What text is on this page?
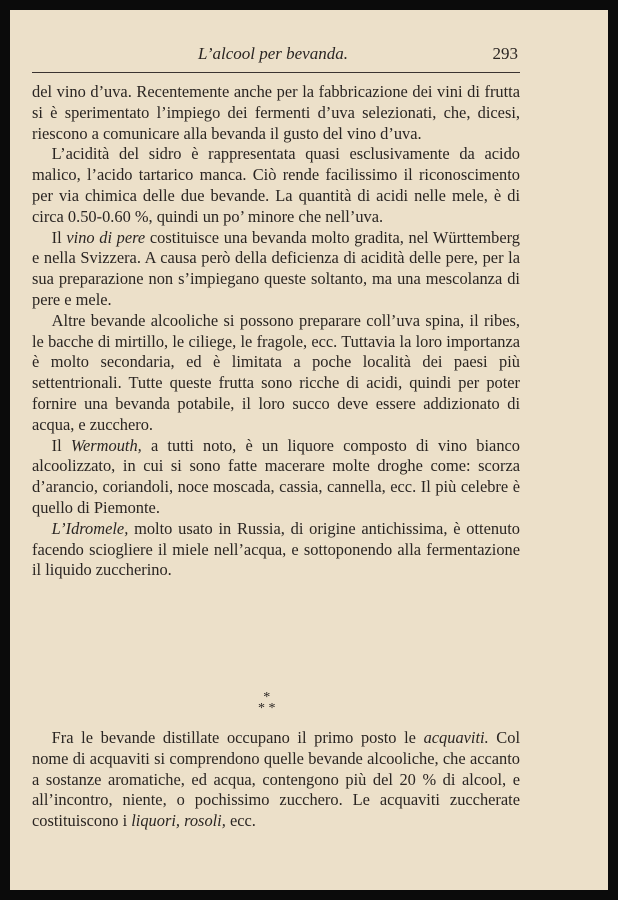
L’alcool per bevanda.	293

del vino d’uva. Recentemente anche per la fabbricazione dei vini di frutta si è sperimentato l’impiego dei fermenti d’uva selezionati, che, dicesi, riescono a comunicare alla bevanda il gusto del vino d’uva.

L’acidità del sidro è rappresentata quasi esclusivamente da acido malico, l’acido tartarico manca. Ciò rende facilissimo il riconoscimento per via chimica delle due bevande. La quantità di acidi nelle mele, è di circa 0.50-0.60 %, quindi un po’ minore che nell’uva.

Il vino di pere costituisce una bevanda molto gradita, nel Württemberg e nella Svizzera. A causa però della deficienza di acidità delle pere, per la sua preparazione non s’impiegano queste soltanto, ma una mescolanza di pere e mele.

Altre bevande alcooliche si possono preparare coll’uva spina, il ribes, le bacche di mirtillo, le ciliege, le fragole, ecc. Tuttavia la loro importanza è molto secondaria, ed è limitata a poche località dei paesi più settentrionali. Tutte queste frutta sono ricche di acidi, quindi per poter fornire una bevanda potabile, il loro succo deve essere addizionato di acqua, e zucchero.

Il Wermouth, a tutti noto, è un liquore composto di vino bianco alcoolizzato, in cui si sono fatte macerare molte droghe come: scorza d’arancio, coriandoli, noce moscada, cassia, cannella, ecc. Il più celebre è quello di Piemonte.

L’Idromele, molto usato in Russia, di origine antichissima, è ottenuto facendo sciogliere il miele nell’acqua, e sottoponendo alla fermentazione il liquido zuccherino.

*
* *

Fra le bevande distillate occupano il primo posto le acquaviti. Col nome di acquaviti si comprendono quelle bevande alcooliche, che accanto a sostanze aromatiche, ed acqua, contengono più del 20 % di alcool, e all’incontro, niente, o pochissimo zucchero. Le acquaviti zuccherate costituiscono i liquori, rosoli, ecc.
